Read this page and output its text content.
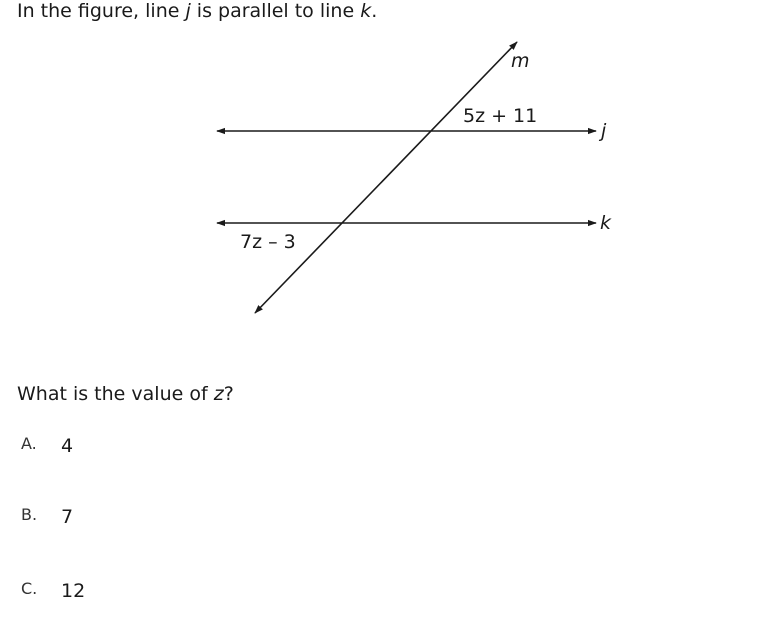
In the figure, line j is parallel to line k.
m
j
k
5z + 11
7z – 3
What is the value of z?
A. 4
B. 7
C. 12
